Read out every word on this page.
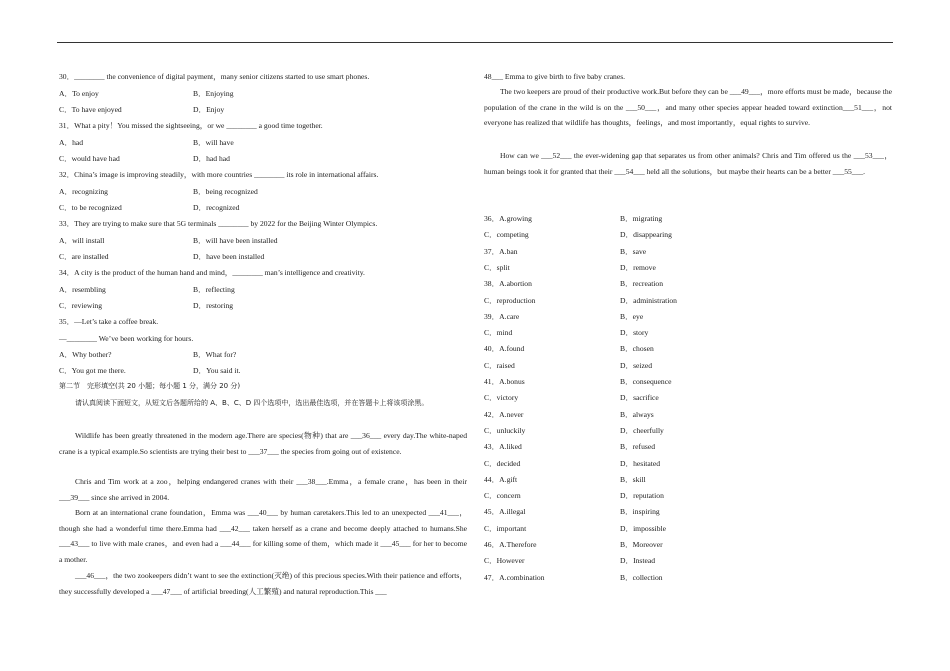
30．________ the convenience of digital payment，many senior citizens started to use smart phones.
A．To enjoy	B．Enjoying
C．To have enjoyed	D．Enjoy
31．What a pity！You missed the sightseeing，or we ________ a good time together.
A．had	B．will have
C．would have had	D．had had
32．China’s image is improving steadily，with more countries ________ its role in international affairs.
A．recognizing	B．being recognized
C．to be recognized	D．recognized
33．They are trying to make sure that 5G terminals ________ by 2022 for the Beijing Winter Olympics.
A．will install	B．will have been installed
C．are installed	D．have been installed
34．A city is the product of the human hand and mind，________ man’s intelligence and creativity.
A．resembling	B．reflecting
C．reviewing	D．restoring
35．—Let’s take a coffee break.
—________ We’ve been working for hours.
A．Why bother?	B．What for?
C．You got me there.	D．You said it.
第二节　完形填空(共 20 小题；每小题 1 分，满分 20 分)
请认真阅读下面短文，从短文后各题所给的 A、B、C、D 四个选项中，选出最佳选项，并在答题卡上将该项涂黑。
Wildlife has been greatly threatened in the modern age.There are species(物种) that are ___36___ every day.The white-naped crane is a typical example.So scientists are trying their best to ___37___ the species from going out of existence.
Chris and Tim work at a zoo，helping endangered cranes with their ___38___.Emma，a female crane，has been in their ___39___ since she arrived in 2004.
Born at an international crane foundation，Emma was ___40___ by human caretakers.This led to an unexpected ___41___，though she had a wonderful time there.Emma had ___42___ taken herself as a crane and become deeply attached to humans.She ___43___ to live with male cranes，and even had a ___44___ for killing some of them，which made it ___45___ for her to become a mother.
___46___，the two zookeepers didn’t want to see the extinction(灭绝) of this precious species.With their patience and efforts，they successfully developed a ___47___ of artificial breeding(人工繁殖) and natural reproduction.This ___
48___ Emma to give birth to five baby cranes.
The two keepers are proud of their productive work.But before they can be ___49___，more efforts must be made，because the population of the crane in the wild is on the ___50___，and many other species appear headed toward extinction___51___，not everyone has realized that wildlife has thoughts，feelings，and most importantly，equal rights to survive.
How can we ___52___ the ever-widening gap that separates us from other animals? Chris and Tim offered us the ___53___，human beings took it for granted that their ___54___ held all the solutions，but maybe their hearts can be a better ___55___.
36．A.growing	B．migrating
C．competing	D．disappearing
37．A.ban	B．save
C．split	D．remove
38．A.abortion	B．recreation
C．reproduction	D．administration
39．A.care	B．eye
C．mind	D．story
40．A.found	B．chosen
C．raised	D．seized
41．A.bonus	B．consequence
C．victory	D．sacrifice
42．A.never	B．always
C．unluckily	D．cheerfully
43．A.liked	B．refused
C．decided	D．hesitated
44．A.gift	B．skill
C．concern	D．reputation
45．A.illegal	B．inspiring
C．important	D．impossible
46．A.Therefore	B．Moreover
C．However	D．Instead
47．A.combination	B．collection
